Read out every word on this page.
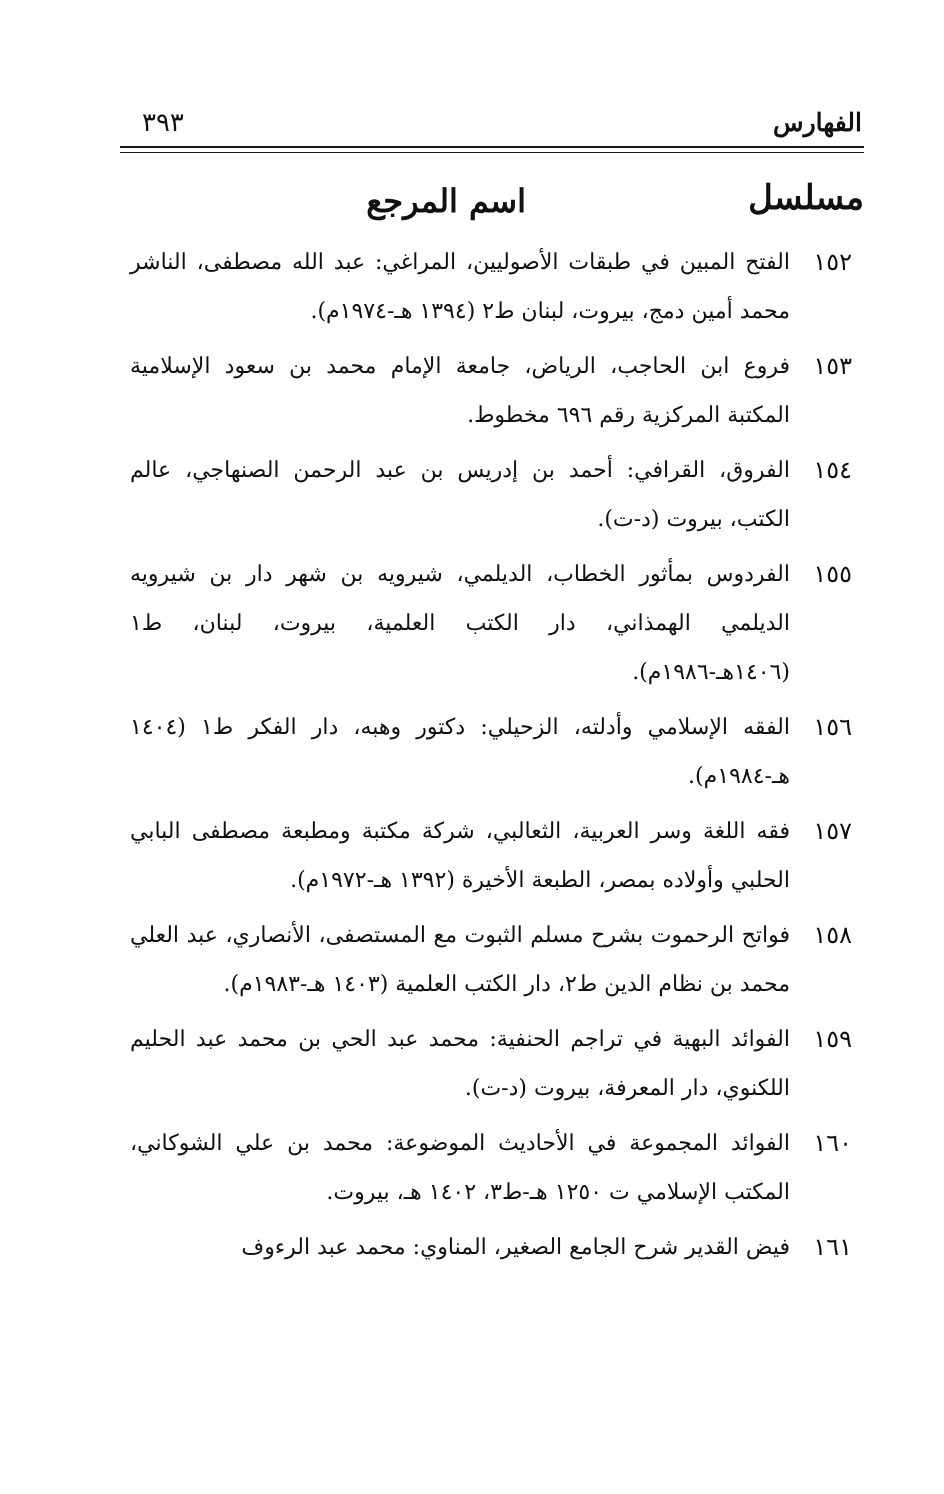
الفهارس
٣٩٣
مسلسل
اسم المرجع
١٥٢
الفتح المبين في طبقات الأصوليين، المراغي: عبد الله مصطفى، الناشر محمد أمين دمج، بيروت، لبنان ط٢ (١٣٩٤ هـ-١٩٧٤م).
١٥٣
فروع ابن الحاجب، الرياض، جامعة الإمام محمد بن سعود الإسلامية المكتبة المركزية رقم ٦٩٦ مخطوط.
١٥٤
الفروق، القرافي: أحمد بن إدريس بن عبد الرحمن الصنهاجي، عالم الكتب، بيروت (د-ت).
١٥٥
الفردوس بمأثور الخطاب، الديلمي، شيرويه بن شهر دار بن شيرويه الديلمي الهمذاني، دار الكتب العلمية، بيروت، لبنان، ط١ (١٤٠٦هـ-١٩٨٦م).
١٥٦
الفقه الإسلامي وأدلته، الزحيلي: دكتور وهبه، دار الفكر ط١ (١٤٠٤ هـ-١٩٨٤م).
١٥٧
فقه اللغة وسر العربية، الثعالبي، شركة مكتبة ومطبعة مصطفى البابي الحلبي وأولاده بمصر، الطبعة الأخيرة (١٣٩٢ هـ-١٩٧٢م).
١٥٨
فواتح الرحموت بشرح مسلم الثبوت مع المستصفى، الأنصاري، عبد العلي محمد بن نظام الدين ط٢، دار الكتب العلمية (١٤٠٣ هـ-١٩٨٣م).
١٥٩
الفوائد البهية في تراجم الحنفية: محمد عبد الحي بن محمد عبد الحليم اللكنوي، دار المعرفة، بيروت (د-ت).
١٦٠
الفوائد المجموعة في الأحاديث الموضوعة: محمد بن علي الشوكاني، المكتب الإسلامي ت ١٢٥٠ هـ-ط٣، ١٤٠٢ هـ، بيروت.
١٦١
فيض القدير شرح الجامع الصغير، المناوي: محمد عبد الرءوف
